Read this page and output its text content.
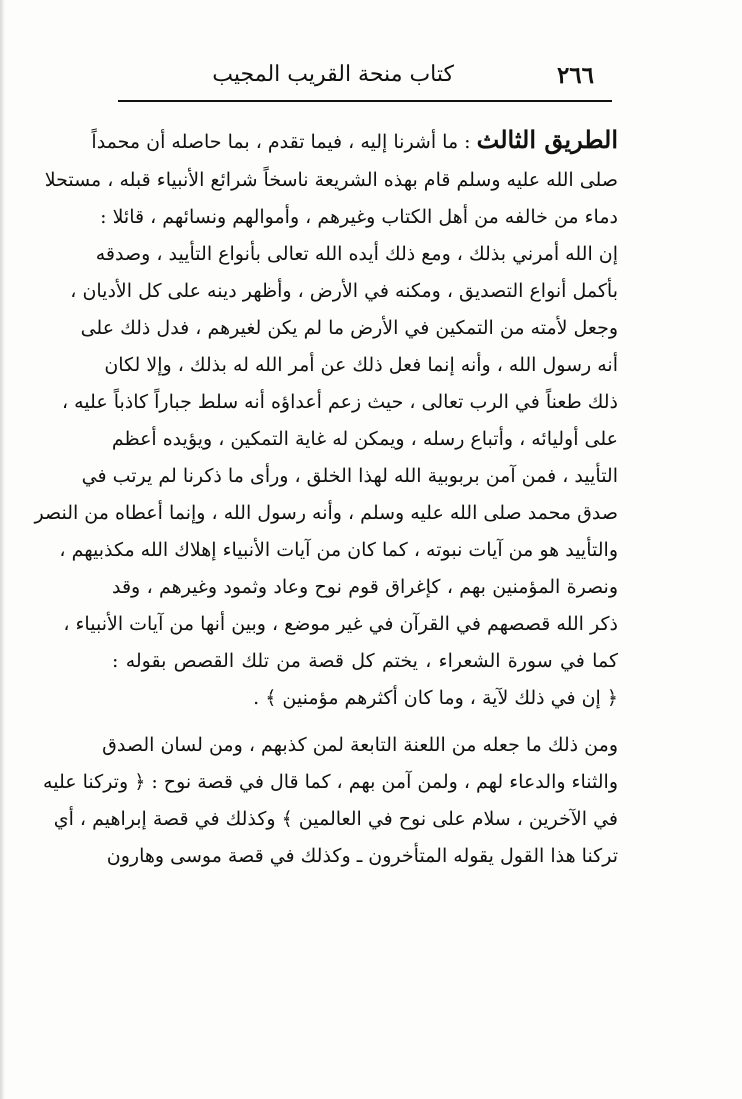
٢٦٦
كتاب منحة القريب المجيب
الطريق الثالث : ما أشرنا إليه ، فيما تقدم ، بما حاصله أن محمداً
صلى الله عليه وسلم قام بهذه الشريعة ناسخاً شرائع الأنبياء قبله ، مستحلا
دماء من خالفه من أهل الكتاب وغيرهم ، وأموالهم ونسائهم ، قائلا :
إن الله أمرني بذلك ، ومع ذلك أيده الله تعالى بأنواع التأييد ، وصدقه
بأكمل أنواع التصديق ، ومكنه في الأرض ، وأظهر دينه على كل الأديان ،
وجعل لأمته من التمكين في الأرض ما لم يكن لغيرهم ، فدل ذلك على
أنه رسول الله ، وأنه إنما فعل ذلك عن أمر الله له بذلك ، وإلا لكان
ذلك طعناً في الرب تعالى ، حيث زعم أعداؤه أنه سلط جباراً كاذباً عليه ،
على أوليائه ، وأتباع رسله ، ويمكن له غاية التمكين ، ويؤيده أعظم
التأييد ، فمن آمن بربوبية الله لهذا الخلق ، ورأى ما ذكرنا لم يرتب في
صدق محمد صلى الله عليه وسلم ، وأنه رسول الله ، وإنما أعطاه من النصر
والتأييد هو من آيات نبوته ، كما كان من آيات الأنبياء إهلاك الله مكذبيهم ،
ونصرة المؤمنين بهم ، كإغراق قوم نوح وعاد وثمود وغيرهم ، وقد
ذكر الله قصصهم في القرآن في غير موضع ، وبين أنها من آيات الأنبياء ،
كما في سورة الشعراء ، يختم كل قصة من تلك القصص بقوله :
﴿ إن في ذلك لآية ، وما كان أكثرهم مؤمنين ﴾ .
ومن ذلك ما جعله من اللعنة التابعة لمن كذبهم ، ومن لسان الصدق
والثناء والدعاء لهم ، ولمن آمن بهم ، كما قال في قصة نوح : ﴿ وتركنا عليه
في الآخرين ، سلام على نوح في العالمين ﴾ وكذلك في قصة إبراهيم ، أي
تركنا هذا القول يقوله المتأخرون ـ وكذلك في قصة موسى وهارون
